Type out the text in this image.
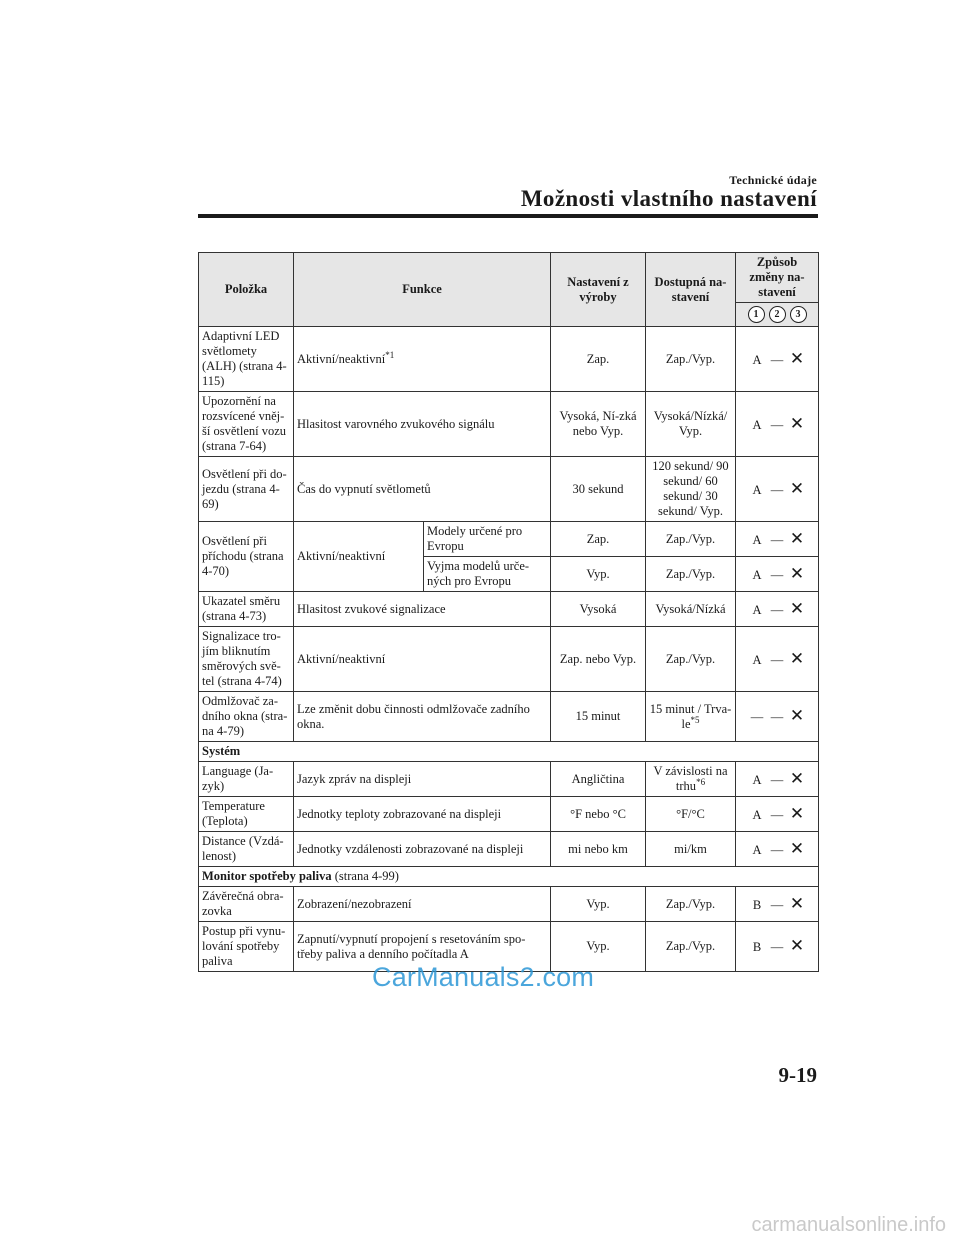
Technické údaje
Možnosti vlastního nastavení
Položka	Funkce		Nastavení z výroby	Dostupná na-stavení	Způsob změny na-stavení
					1 2 3
Adaptivní LED světlomety (ALH) (strana 4-115)	Aktivní/neaktivní$^{*1}$		Zap.	Zap./Vyp.	A — ✕
Upozornění na rozsvícené vněj-ší osvětlení vozu (strana 7-64)	Hlasitost varovného zvukového signálu		Vysoká, Ní-zká nebo Vyp.	Vysoká/Nízká/ Vyp.	A — ✕
Osvětlení při do-jezdu (strana 4-69)	Čas do vypnutí světlometů		30 sekund	120 sekund/ 90 sekund/ 60 sekund/ 30 sekund/ Vyp.	A — ✕
Osvětlení při příchodu (strana 4-70)	Aktivní/neaktivní	Modely určené pro Evropu	Zap.	Zap./Vyp.	A — ✕
		Vyjma modelů urče-ných pro Evropu	Vyp.	Zap./Vyp.	A — ✕
Ukazatel směru (strana 4-73)	Hlasitost zvukové signalizace		Vysoká	Vysoká/Nízká	A — ✕
Signalizace tro-jím bliknutím směrových svě-tel (strana 4-74)	Aktivní/neaktivní		Zap. nebo Vyp.	Zap./Vyp.	A — ✕
Odmlžovač za-dního okna (stra-na 4-79)	Lze změnit dobu činnosti odmlžovače zadního okna.		15 minut	15 minut / Trva-$le^{*5}$	— — ✕
Systém					
Language (Ja-zyk)	Jazyk zpráv na displeji		Angličtina	V závislosti na trhu$^{*6}$	A — ✕
Temperature (Teplota)	Jednotky teploty zobrazované na displeji		°F nebo °C	°F/°C	A — ✕
Distance (Vzdá-lenost)	Jednotky vzdálenosti zobrazované na displeji		mi nebo km	mi/km	A — ✕
Monitor spotřeby paliva (strana 4-99)					
Závěrečná obra-zovka	Zobrazení/nezobrazení		Vyp.	Zap./Vyp.	B — ✕
Postup při vynu-lování spotřeby paliva	Zapnutí/vypnutí propojení s resetováním spo-třeby paliva a denního počítadla A		Vyp.	Zap./Vyp.	B — ✕
CarManuals2.com
9-19
carmanualsonline.info
